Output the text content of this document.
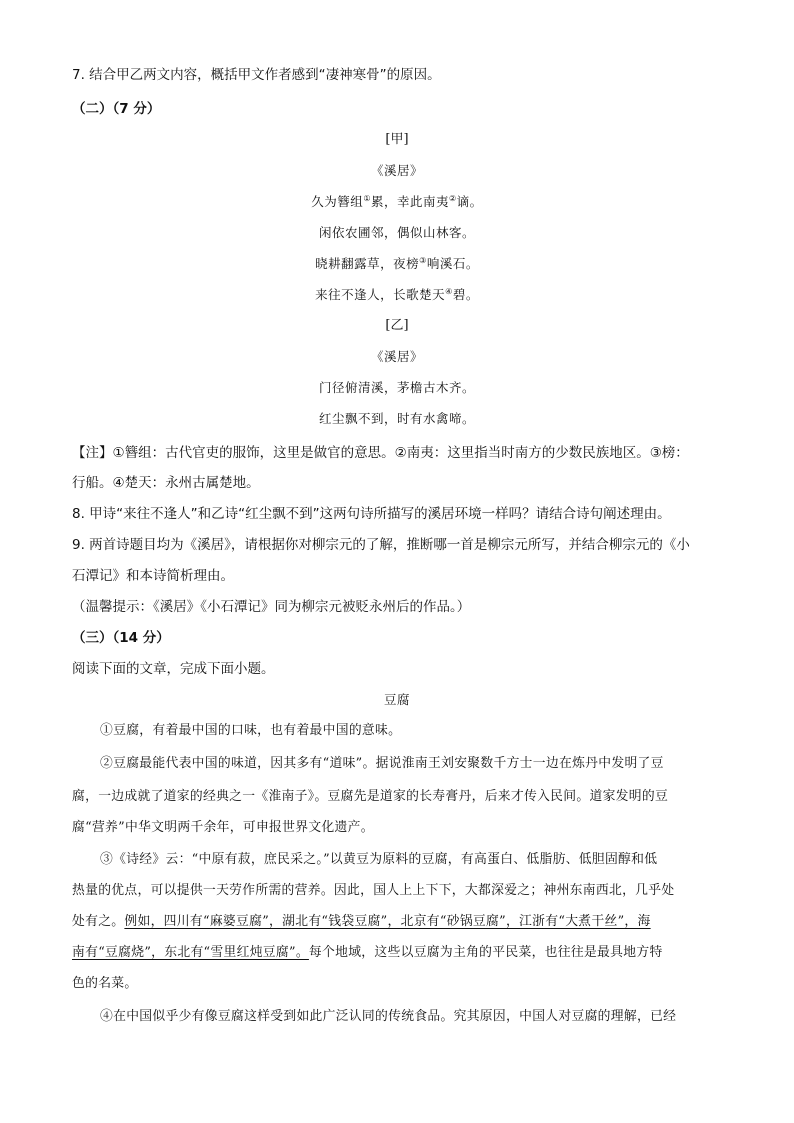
7. 结合甲乙两文内容，概括甲文作者感到“凄神寒骨”的原因。
（二）（7 分）
[甲]
《溪居》
久为簪组①累，幸此南夷②谪。
闲依农圃邻，偶似山林客。
晓耕翻露草，夜榜③响溪石。
来往不逢人，长歌楚天④碧。
[乙]
《溪居》
门径俯清溪，茅檐古木齐。
红尘飘不到，时有水禽啼。
【注】①簪组：古代官吏的服饰，这里是做官的意思。②南夷：这里指当时南方的少数民族地区。③榜：
行船。④楚天：永州古属楚地。
8. 甲诗“来往不逢人”和乙诗“红尘飘不到”这两句诗所描写的溪居环境一样吗？请结合诗句阐述理由。
9. 两首诗题目均为《溪居》，请根据你对柳宗元的了解，推断哪一首是柳宗元所写，并结合柳宗元的《小
石潭记》和本诗简析理由。
（温馨提示：《溪居》《小石潭记》同为柳宗元被贬永州后的作品。）
（三）（14 分）
阅读下面的文章，完成下面小题。
豆腐
①豆腐，有着最中国的口味，也有着最中国的意味。
②豆腐最能代表中国的味道，因其多有“道味”。据说淮南王刘安聚数千方士一边在炼丹中发明了豆
腐，一边成就了道家的经典之一《淮南子》。豆腐先是道家的长寿膏丹，后来才传入民间。道家发明的豆
腐“营养”中华文明两千余年，可申报世界文化遗产。
③《诗经》云：“中原有菽，庶民采之。”以黄豆为原料的豆腐，有高蛋白、低脂肪、低胆固醇和低
热量的优点，可以提供一天劳作所需的营养。因此，国人上上下下，大都深爱之；神州东南西北，几乎处
处有之。例如，四川有“麻婆豆腐”，湖北有“钱袋豆腐”，北京有“砂锅豆腐”，江浙有“大煮干丝”，海
南有“豆腐烧”，东北有“雪里红炖豆腐”。每个地域，这些以豆腐为主角的平民菜，也往往是最具地方特
色的名菜。
④在中国似乎少有像豆腐这样受到如此广泛认同的传统食品。究其原因，中国人对豆腐的理解，已经
